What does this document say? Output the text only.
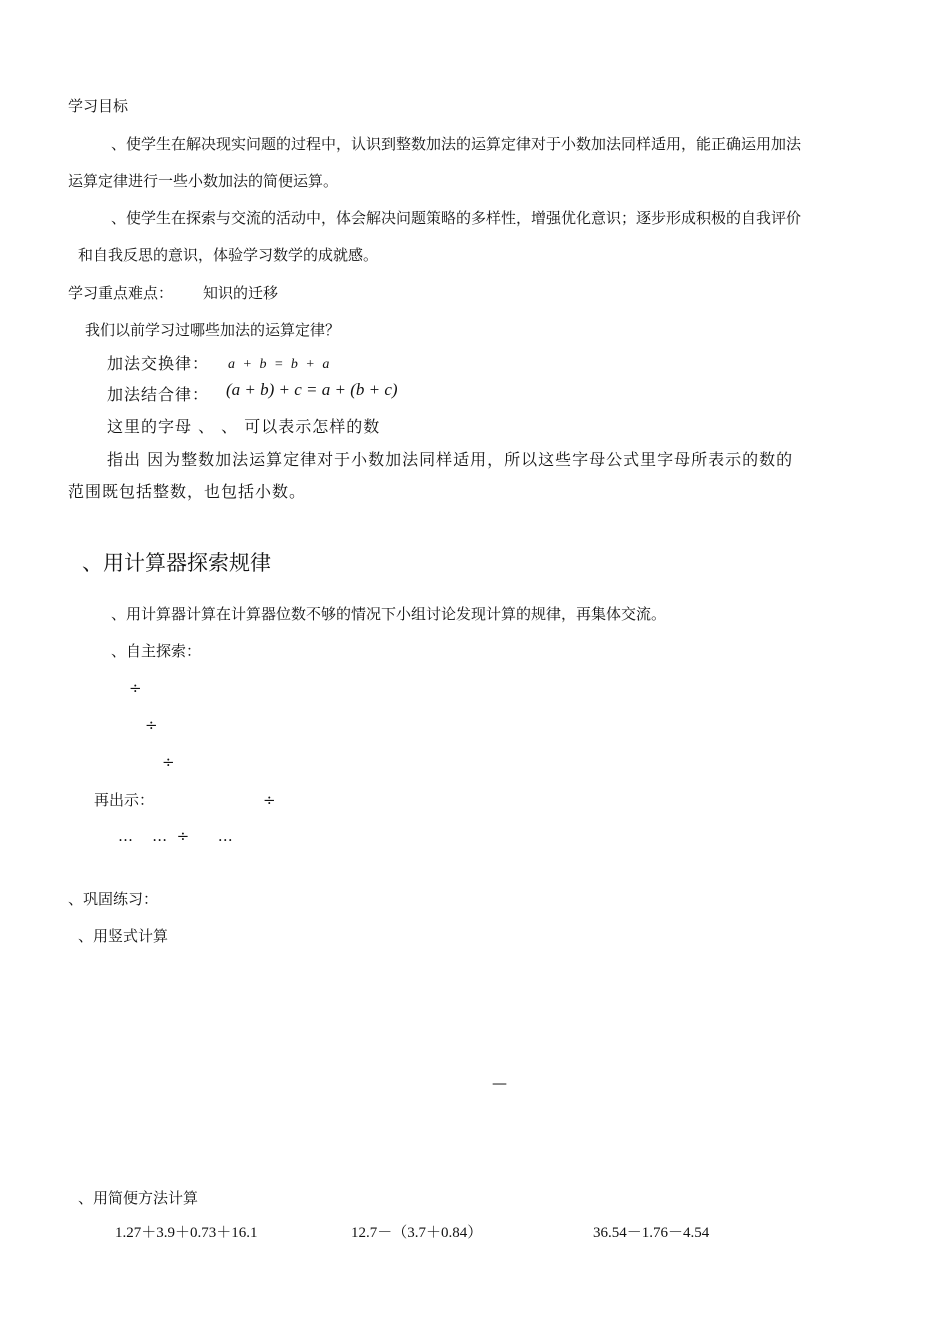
学习目标
、使学生在解决现实问题的过程中，认识到整数加法的运算定律对于小数加法同样适用，能正确运用加法
运算定律进行一些小数加法的简便运算。
、使学生在探索与交流的活动中，体会解决问题策略的多样性，增强优化意识；逐步形成积极的自我评价
和自我反思的意识，体验学习数学的成就感。
学习重点难点： 知识的迁移
我们以前学习过哪些加法的运算定律？
加法交换律： a + b = b + a
加法结合律： (a + b) + c = a + (b + c)
这里的字母 、 、 可以表示怎样的数
指出 因为整数加法运算定律对于小数加法同样适用，所以这些字母公式里字母所表示的数的
范围既包括整数，也包括小数。
、用计算器探索规律
、用计算器计算在计算器位数不够的情况下小组讨论发现计算的规律，再集体交流。
、自主探索：
÷
÷
÷
再出示：	÷
…    …  ÷      …
、巩固练习：
、用竖式计算
—
、用简便方法计算
1.27＋3.9＋0.73＋16.1	12.7－（3.7＋0.84）	36.54－1.76－4.54
